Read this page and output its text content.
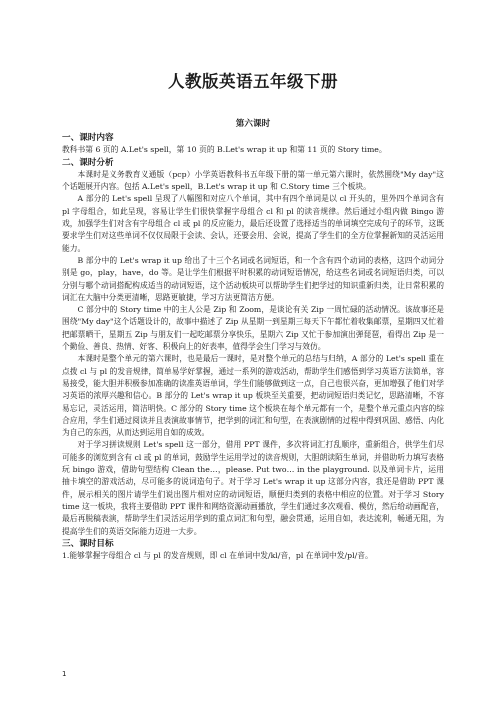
人教版英语五年级下册
第六课时
一、课时内容

教科书第 6 页的 A.Let's spell，第 10 页的 B.Let's wrap it up 和第 11 页的 Story time。

二、课时分析

本课时是义务教育义通版（pcp）小学英语教科书五年级下册的第一单元第六课时，依然围绕"My day"这个话题展开内容。包括 A.Let's spell，B.Let's wrap it up 和 C.Story time 三个板块。

A 部分的 Let's spell 呈现了八幅图和对应八个单词，其中有四个单词是以 cl 开头的，里外四个单词含有 pl 字母组合，如此呈现，容易让学生们很快掌握字母组合 cl 和 pl 的读音规律。然后通过小组内做 Bingo 游戏，加强学生们对含有字母组合 cl 或 pl 的反应能力，最后还设置了选择适当的单词填空完成句子的环节，这既要求学生们对这些单词不仅仅局限于会读、会认，还要会用、会说，提高了学生们的全方位掌握新知的灵活运用能力。

B 部分中的 Let's wrap it up 给出了十三个名词或名词短语，和一个含有四个动词的表格，这四个动词分别是 go，play，have，do 等。是让学生们根据平时积累的动词短语情况，给这些名词或名词短语归类，可以分别与哪个动词搭配构成适当的动词短语，这个活动板块可以帮助学生们把学过的知识重新归类，让日常积累的词汇在大脑中分类更清晰，思路更敏捷，学习方法更简洁方便。

C 部分中的 Story time 中的主人公是 Zip 和 Zoom，是谈论有关 Zip 一周忙碌的活动情况。该故事还是围绕"My day"这个话题设计的，故事中描述了 Zip 从星期一到星期三每天下午都忙着收集邮票，星期四又忙着把邮票晒干，星期五 Zip 与朋友们一起吃邮票分享快乐，星期六 Zip 又忙于参加演出弹琵琶，看得出 Zip 是一个勤俭、善良、热情、好客、积极向上的好表率，值得学会生门学习与效仿。

本课时是整个单元的第六课时，也是最后一课时，是对整个单元的总结与归纳，A 部分的 Let's spell 重在点拨 cl 与 pl 的发音规律，简单易学好掌握，通过一系列的游戏活动，帮助学生们感悟到学习英语方法简单，容易接受，能大胆并积极参加准确的读准英语单词，学生们能够做到这一点，自己也很兴奋，更加增强了他们对学习英语的浓厚兴趣和信心。B 部分的 Let's wrap it up 板块至关重要，把动词短语归类记忆，思路清晰，不容易忘记，灵活运用，简洁明快。C 部分的 Story time 这个板块在每个单元都有一个，是整个单元重点内容的综合应用，学生们通过阅读并且表演故事情节，把学到的词汇和句型，在表演剧情的过程中得到巩固、感悟、内化为自己的东西，从而达到运用自如的成效。

对于学习拼读规则 Let's spell 这一部分，借用 PPT 课件，多次将词汇打乱顺序，重新组合，供学生们尽可能多的浏览到含有 cl 或 pl 的单词，鼓励学生运用学过的读音规则，大胆朗读陌生单词，并借助听力填写表格玩 bingo 游戏，借助句型结构 Clean the…，please. Put two… in the playground. 以及单词卡片，运用抽卡填空的游戏活动，尽可能多的说词造句子。对于学习 Let's wrap it up 这部分内容，我还是借助 PPT 课件，展示相关的图片请学生们说出图片相对应的动词短语，顺便归类到的表格中相应的位置。对于学习 Story time 这一板块，我将主要借助 PPT 课件和网络资源动画播放，学生们通过多次观看、模仿，然后给动画配音，最后再脱稿表演，帮助学生们灵活运用学到的重点词汇和句型，融会贯通，运用自如，表达流利，畅通无阻，为提高学生们的英语交际能力迈进一大步。

三、课时目标

1.能够掌握字母组合 cl 与 pl 的发音规则，即 cl 在单词中发/kl/音，pl 在单词中发/pl/音。

1
